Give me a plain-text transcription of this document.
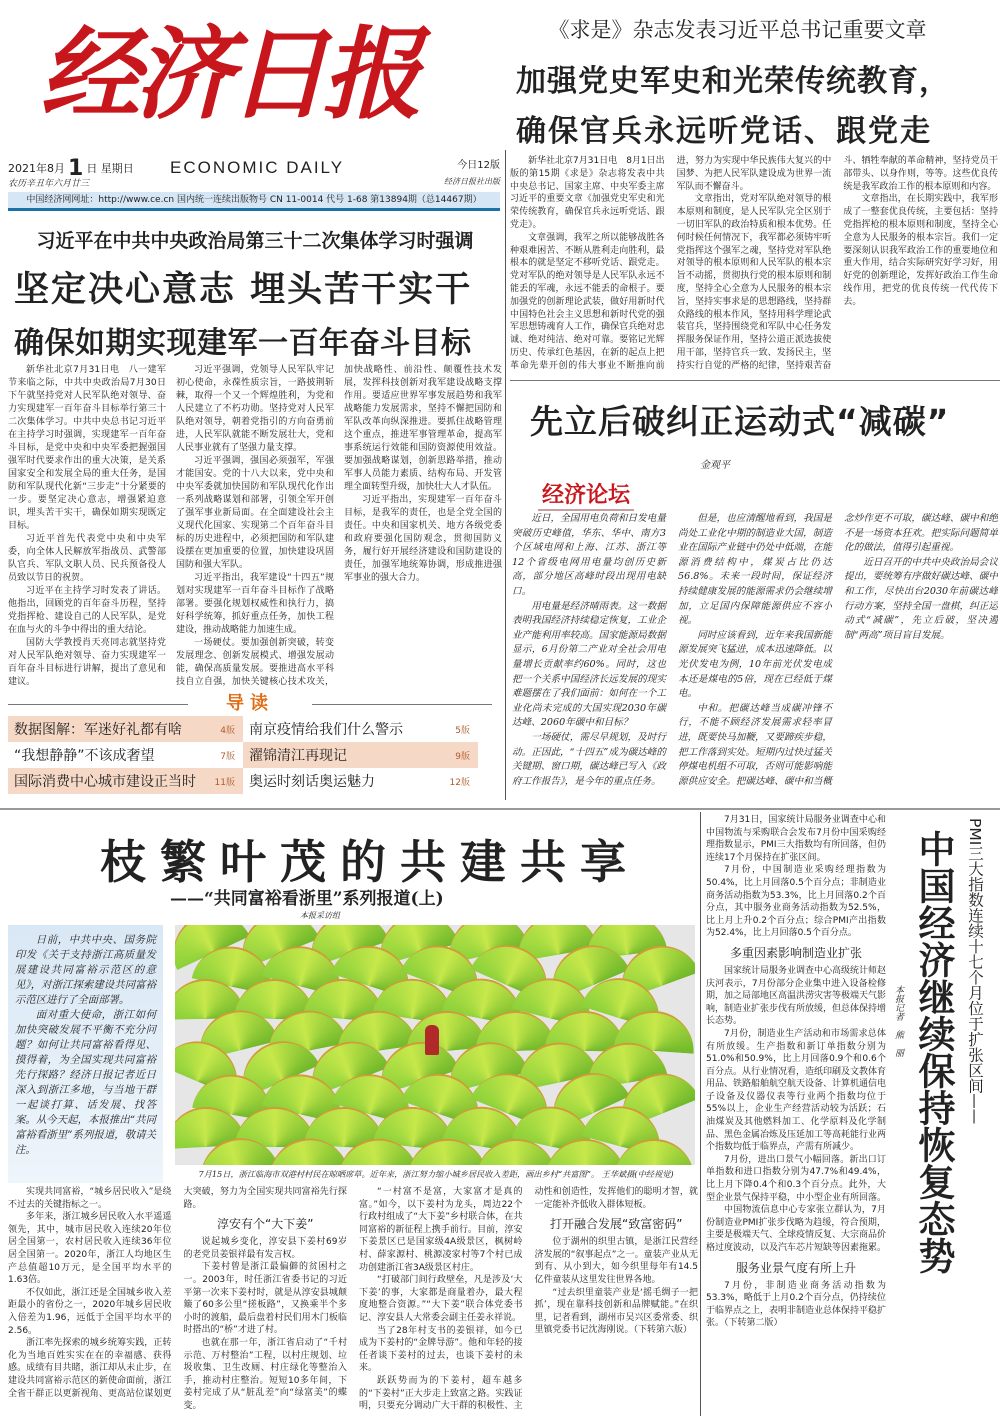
经济日报
2021年8月 1 日 星期日
农历辛丑年六月廿三
ECONOMIC DAILY	今日12版
经济日报社出版
中国经济网网址：http://www.ce.cn 国内统一连续出版物号 CN 11-0014 代号 1-68 第13894期（总14467期）
《求是》杂志发表习近平总书记重要文章
加强党史军史和光荣传统教育，
确保官兵永远听党话、跟党走

新华社北京7月31日电　8月1日出版的第15期《求是》杂志将发表中共中央总书记、国家主席、中央军委主席习近平的重要文章《加强党史军史和光荣传统教育，确保官兵永远听党话、跟党走》。

文章强调，我军之所以能够战胜各种艰难困苦、不断从胜利走向胜利，最根本的就是坚定不移听党话、跟党走。党对军队的绝对领导是人民军队永远不能丢的军魂，永远不能丢的命根子。要加强党的创新理论武装，做好用新时代中国特色社会主义思想和新时代党的强军思想铸魂育人工作，确保官兵绝对忠诚、绝对纯洁、绝对可靠。要铭记光辉历史、传承红色基因，在新的起点上把革命先辈开创的伟大事业不断推向前进，努力为实现中华民族伟大复兴的中国梦、为把人民军队建设成为世界一流军队而不懈奋斗。

文章指出，党对军队绝对领导的根本原则和制度，是人民军队完全区别于一切旧军队的政治特质和根本优势。任何时候任何情况下，我军都必须铸牢听党指挥这个强军之魂，坚持党对军队绝对领导的根本原则和人民军队的根本宗旨不动摇，贯彻执行党的根本原则和制度，坚持全心全意为人民服务的根本宗旨，坚持实事求是的思想路线，坚持群众路线的根本作风，坚持用科学理论武装官兵，坚持围绕党和军队中心任务发挥服务保证作用，坚持公道正派选拔使用干部，坚持官兵一致、发扬民主，坚持实行自觉的严格的纪律，坚持艰苦奋斗、牺牲奉献的革命精神，坚持党员干部带头、以身作则，等等。这些优良传统是我军政治工作的根本原则和内容。

文章指出，在长期实践中，我军形成了一整套优良传统，主要包括：坚持党指挥枪的根本原则和制度，坚持全心全意为人民服务的根本宗旨。我们一定要深刻认识我军政治工作的重要地位和重大作用，结合实际研究好学习好，用好党的创新理论，发挥好政治工作生命线作用，把党的优良传统一代代传下去。

习近平在中共中央政治局第三十二次集体学习时强调
坚定决心意志 埋头苦干实干
确保如期实现建军一百年奋斗目标

新华社北京7月31日电　八一建军节来临之际，中共中央政治局7月30日下午就坚持党对人民军队绝对领导、奋力实现建军一百年奋斗目标举行第三十二次集体学习。中共中央总书记习近平在主持学习时强调，实现建军一百年奋斗目标，是党中央和中央军委把握强国强军时代要求作出的重大决策，是关系国家安全和发展全局的重大任务，是国防和军队现代化新“三步走”十分紧要的一步。要坚定决心意志，增强紧迫意识，埋头苦干实干，确保如期实现既定目标。

习近平首先代表党中央和中央军委，向全体人民解放军指战员、武警部队官兵、军队文职人员、民兵预备役人员致以节日的祝贺。

习近平在主持学习时发表了讲话。他指出，回顾党的百年奋斗历程，坚持党指挥枪、建设自己的人民军队，是党在血与火的斗争中得出的重大结论。

国防大学教授肖天亮同志就坚持党对人民军队绝对领导、奋力实现建军一百年奋斗目标进行讲解，提出了意见和建议。

习近平强调，党领导人民军队牢记初心使命，永葆性质宗旨，一路披荆斩棘，取得一个又一个辉煌胜利，为党和人民建立了不朽功勋。坚持党对人民军队绝对领导，朝着党指引的方向奋勇前进，人民军队就能不断发展壮大，党和人民事业就有了坚强力量支撑。

习近平强调，强国必须强军，军强才能国安。党的十八大以来，党中央和中央军委就加快国防和军队现代化作出一系列战略谋划和部署，引领全军开创了强军事业新局面。在全面建设社会主义现代化国家、实现第二个百年奋斗目标的历史进程中，必须把国防和军队建设摆在更加重要的位置，加快建设巩固国防和强大军队。

习近平指出，我军建设“十四五”规划对实现建军一百年奋斗目标作了战略部署。要强化规划权威性和执行力，搞好科学统筹，抓好重点任务，加快工程建设，推动战略能力加速生成。

一场硬仗。要加强创新突破，转变发展理念、创新发展模式、增强发展动能，确保高质量发展。要推进高水平科技自立自强，加快关键核心技术攻关，加快战略性、前沿性、颠覆性技术发展，发挥科技创新对我军建设战略支撑作用。要适应世界军事发展趋势和我军战略能力发展需求，坚持不懈把国防和军队改革向纵深推进。要抓住战略管理这个重点，推进军事管理革命，提高军事系统运行效能和国防资源使用效益。要加强战略谋划，创新思路举措，推动军事人员能力素质、结构布局、开发管理全面转型升级，加快壮大人才队伍。

习近平指出，实现建军一百年奋斗目标，是我军的责任，也是全党全国的责任。中央和国家机关、地方各级党委和政府要强化国防观念，贯彻国防义务，履行好开展经济建设和国防建设的责任，加强军地统筹协调，形成推进强军事业的强大合力。

导读
数据图解：军迷好礼都有啥	4版 南京疫情给我们什么警示	5版
“我想静静”不该成奢望	7版 濯锦清江再现记	9版
国际消费中心城市建设正当时 11版 奥运时刻话奥运魅力	12版
先立后破纠正运动式“减碳”
金观平
经济论坛

近日，全国用电负荷和日发电量突破历史峰值，华东、华中、南方3个区域电网和上海、江苏、浙江等12个省级电网用电量均创历史新高，部分地区高峰时段出现用电缺口。

用电量是经济晴雨表。这一数据表明我国经济持续稳定恢复，工业企业产能利用率较高。国家能源局数据显示，6月份第二产业对全社会用电量增长贡献率约60%。同时，这也把一个关系中国经济长远发展的现实难题摆在了我们面前：如何在一个工业化尚未完成的大国实现2030年碳达峰、2060年碳中和目标？

一场硬仗，需尽早规划，及时行动。正因此，“十四五”成为碳达峰的关键期、窗口期，碳达峰已写入《政府工作报告》，是今年的重点任务。

但是，也应清醒地看到，我国是尚处工业化中期的制造业大国，制造业在国际产业链中仍处中低端，在能源消费结构中，煤炭占比仍达56.8%。未来一段时间，保证经济持续健康发展的能源需求仍会继续增加，立足国内保障能源供应不容小视。

同时应该看到，近年来我国新能源发展突飞猛进，成本迅速降低。以光伏发电为例，10年前光伏发电成本还是煤电的5倍，现在已经低于煤电。

中和。把碳达峰当成碳冲锋不行，不能不顾经济发展需求轻率冒进，既要快马加鞭，又要蹄疾步稳，把工作落到实处。短期内过快过猛关停煤电机组不可取，否则可能影响能源供应安全。把碳达峰、碳中和当概念炒作更不可取，碳达峰、碳中和绝不是一场资本狂欢。把实际问题简单化的做法，值得引起重视。

近日召开的中共中央政治局会议提出，要统筹有序做好碳达峰、碳中和工作，尽快出台2030年前碳达峰行动方案，坚持全国一盘棋，纠正运动式“减碳”，先立后破，坚决遏制“两高”项目盲目发展。

枝繁叶茂的共建共享
——“共同富裕看浙里”系列报道(上)
本报采访组

日前，中共中央、国务院印发《关于支持浙江高质量发展建设共同富裕示范区的意见》，对浙江探索建设共同富裕示范区进行了全面部署。

面对重大使命，浙江如何加快突破发展不平衡不充分问题？如何让共同富裕看得见、摸得着，为全国实现共同富裕先行探路？经济日报记者近日深入到浙江多地，与当地干群一起谈打算、话发展、找答案。从今天起，本报推出“共同富裕看浙里”系列报道，敬请关注。

7月15日，浙江临海市双港村村民在晾晒席草。近年来，浙江努力缩小城乡居民收入差距，画出乡村“共富图”。 王华斌摄(中经视觉)

实现共同富裕，“城乡居民收入”是绕不过去的关键指标之一。

多年来，浙江城乡居民收入水平遥遥领先，其中，城市居民收入连续20年位居全国第一，农村居民收入连续36年位居全国第一。2020年，浙江人均地区生产总值超10万元，是全国平均水平的1.63倍。

不仅如此，浙江还是全国城乡收入差距最小的省份之一，2020年城乡居民收入倍差为1.96，远低于全国平均水平的2.56。

浙江率先探索的城乡统筹实践，正转化为当地百姓实实在在的幸福感、获得感。成绩有目共睹，浙江却从未止步，在建设共同富裕示范区的新使命面前，浙江全省干群正以更新视角、更高站位谋划更大突破，努力为全国实现共同富裕先行探路。

淳安有个“大下姜”

说起城乡变化，淳安县下姜村69岁的老党员姜银祥最有发言权。

下姜村曾是浙江最偏僻的贫困村之一。2003年，时任浙江省委书记的习近平第一次来下姜村时，就是从淳安县城颠簸了60多公里“搓板路”，又换乘半个多小时的渡船，最后盘着村民们用木门板临时搭出的“桥”才进了村。

也就在那一年，浙江省启动了“千村示范、万村整治”工程，以村庄规划、垃圾收集、卫生改厕、村庄绿化等整治入手，推动村庄整治。短短10多年间，下姜村完成了从“脏乱差”向“绿富美”的蝶变。

“一村富不是富，大家富才是真的富。”如今，以下姜村为龙头，周边22个行政村组成了“大下姜”乡村联合体，在共同富裕的新征程上携手前行。目前，淳安下姜景区已是国家级4A级景区，枫树岭村、薛家源村、桃源凌家村等7个村已成功创建浙江省3A级景区村庄。

“打破部门间行政壁垒，凡是涉及‘大下姜’的事，大家都是商量着办，最大程度地整合资源。”“大下姜”联合体党委书记、淳安县人大常委会副主任姜永祥说。

当了28年村支书的姜银祥，如今已成为下姜村的“金牌导游”。他和年轻的接任者谈下姜村的过去，也谈下姜村的未来。

跃跃势而为的下姜村，超车越多的“下姜村”正大步走上致富之路。实践证明，只要充分调动广大干群的积极性、主动性和创造性，发挥他们的聪明才智，就一定能补齐低收入群体短板。

打开融合发展“致富密码”

位于湖州的织里古镇，是浙江民营经济发展的“叙事起点”之一。童装产业从无到有、从小到大，如今织里每年有14.5亿件童装从这里发往世界各地。

“过去织里童装产业是‘摇毛绸子一把抓’，现在靠科技创新和品牌赋能。”在织里，记者看到，湖州市吴兴区委常委、织里镇党委书记沈海刚说。（下转第六版）

7月31日，国家统计局服务业调查中心和中国物流与采购联合会发布7月份中国采购经理指数显示，PMI三大指数均有所回落，但仍连续17个月保持在扩张区间。

7月份，中国制造业采购经理指数为50.4%，比上月回落0.5个百分点；非制造业商务活动指数为53.3%，比上月回落0.2个百分点，其中服务业商务活动指数为52.5%，比上月上升0.2个百分点；综合PMI产出指数为52.4%，比上月回落0.5个百分点。

多重因素影响制造业扩张

国家统计局服务业调查中心高级统计师赵庆河表示，7月份部分企业集中进入设备检修期，加之局部地区高温洪涝灾害等极端天气影响，制造业扩张步伐有所放缓，但总体保持增长态势。

7月份，制造业生产活动和市场需求总体有所放缓。生产指数和新订单指数分别为51.0%和50.9%，比上月回落0.9个和0.6个百分点。从行业情况看，造纸印刷及文教体育用品、铁路船舶航空航天设备、计算机通信电子设备及仪器仪表等行业两个指数均位于55%以上，企业生产经营活动较为活跃；石油煤炭及其他燃料加工、化学原料及化学制品、黑色金属冶炼及压延加工等高耗能行业两个指数均低于临界点，产需有所减少。

7月份，进出口景气小幅回落。新出口订单指数和进口指数分别为47.7%和49.4%，比上月下降0.4个和0.3个百分点。此外，大型企业景气保持平稳，中小型企业有所回落。

中国物流信息中心专家张立群认为，7月份制造业PMI扩张步伐略为趋缓，符合预期，主要是极端天气、全球疫情反复、大宗商品价格过度波动，以及汽车芯片短缺等因素拖累。

服务业景气度有所上升

7月份，非制造业商务活动指数为53.3%，略低于上月0.2个百分点，仍持续位于临界点之上，表明非制造业总体保持平稳扩张。（下转第二版）

PMI三大指数连续十七个月位于扩张区间——
中国经济继续保持恢复态势
本报记者　熊　丽
